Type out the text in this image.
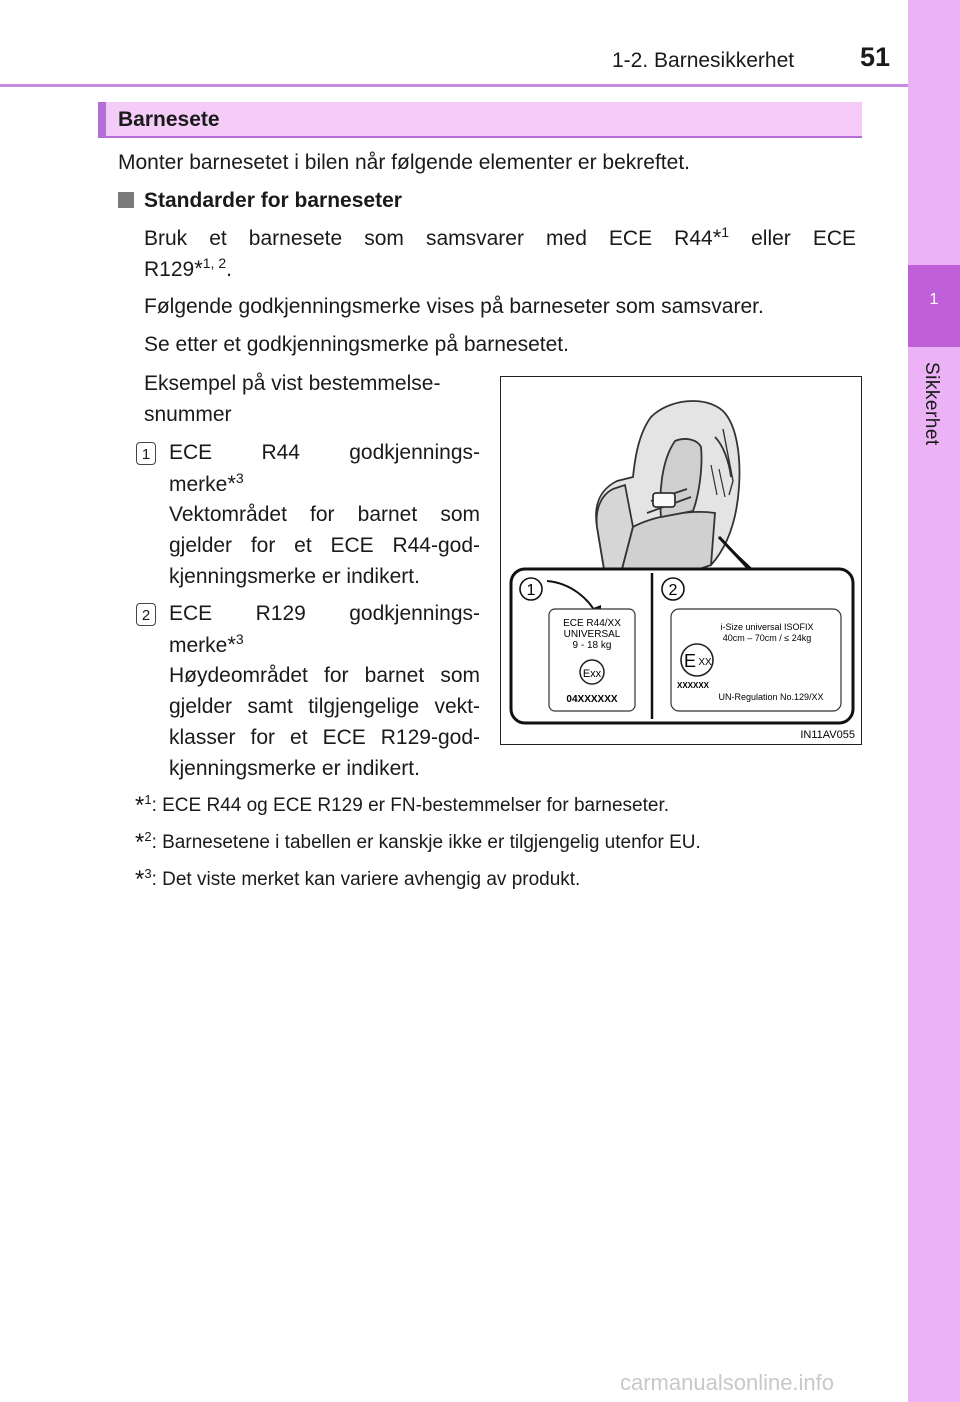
1-2. Barnesikkerhet 51
1
Sikkerhet
Barnesete
Monter barnesetet i bilen når følgende elementer er bekreftet.
Standarder for barneseter
Bruk et barnesete som samsvarer med ECE R44*$^1$ eller ECE
R129*$^{1, 2}$.
Følgende godkjenningsmerke vises på barneseter som samsvarer.
Se etter et godkjenningsmerke på barnesetet.
Eksempel på vist bestemmelse-
snummer
1 ECE R44 godkjennings-
merke*$^3$
Vektområdet for barnet som
gjelder for et ECE R44-god-
kjenningsmerke er indikert.
2 ECE R129 godkjennings-
merke*$^3$
Høydeområdet for barnet som
gjelder samt tilgjengelige vekt-
klasser for et ECE R129-god-
kjenningsmerke er indikert.
1	2
ECE R44/XX
UNIVERSAL
9 - 18 kg
Exx
04XXXXXX
i-Size universal ISOFIX
40cm – 70cm / ≤ 24kg
E XX
XXXXXX
UN-Regulation No.129/XX
IN11AV055
*$^1$: ECE R44 og ECE R129 er FN-bestemmelser for barneseter.
*$^2$: Barnesetene i tabellen er kanskje ikke er tilgjengelig utenfor EU.
*$^3$: Det viste merket kan variere avhengig av produkt.
carmanualsonline.info
